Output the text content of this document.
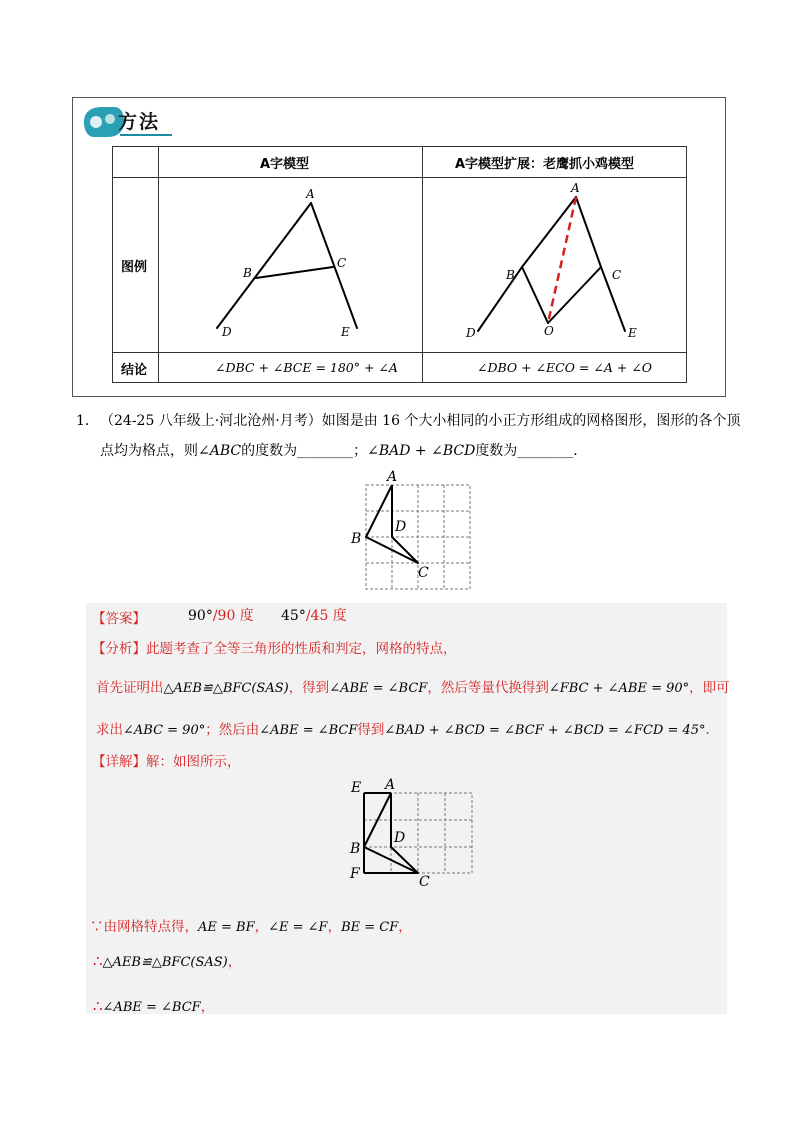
方法
A字模型	A字模型扩展：老鹰抓小鸡模型
图例
结论	∠DBC + ∠BCE = 180° + ∠A	∠DBO + ∠ECO = ∠A + ∠O
A
B
C
D	E
A
B	C
D	E
O
1． （24-25 八年级上·河北沧州·月考）如图是由 16 个大小相同的小正方形组成的网格图形，图形的各个顶
点均为格点，则∠ABC的度数为________；∠BAD + ∠BCD度数为________.
A
B
C
D
【答案】	90°/90 度 45°/45 度
【分析】此题考查了全等三角形的性质和判定，网格的特点，
首先证明出△AEB≌△BFC(SAS)，得到∠ABE = ∠BCF，然后等量代换得到∠FBC + ∠ABE = 90°，即可
求出∠ABC = 90°；然后由∠ABE = ∠BCF得到∠BAD + ∠BCD = ∠BCF + ∠BCD = ∠FCD = 45°.
【详解】解：如图所示，
E A
B
F
D
C
∵由网格特点得，AE = BF，∠E = ∠F，BE = CF，
∴△AEB≌△BFC(SAS)，
∴∠ABE = ∠BCF，
